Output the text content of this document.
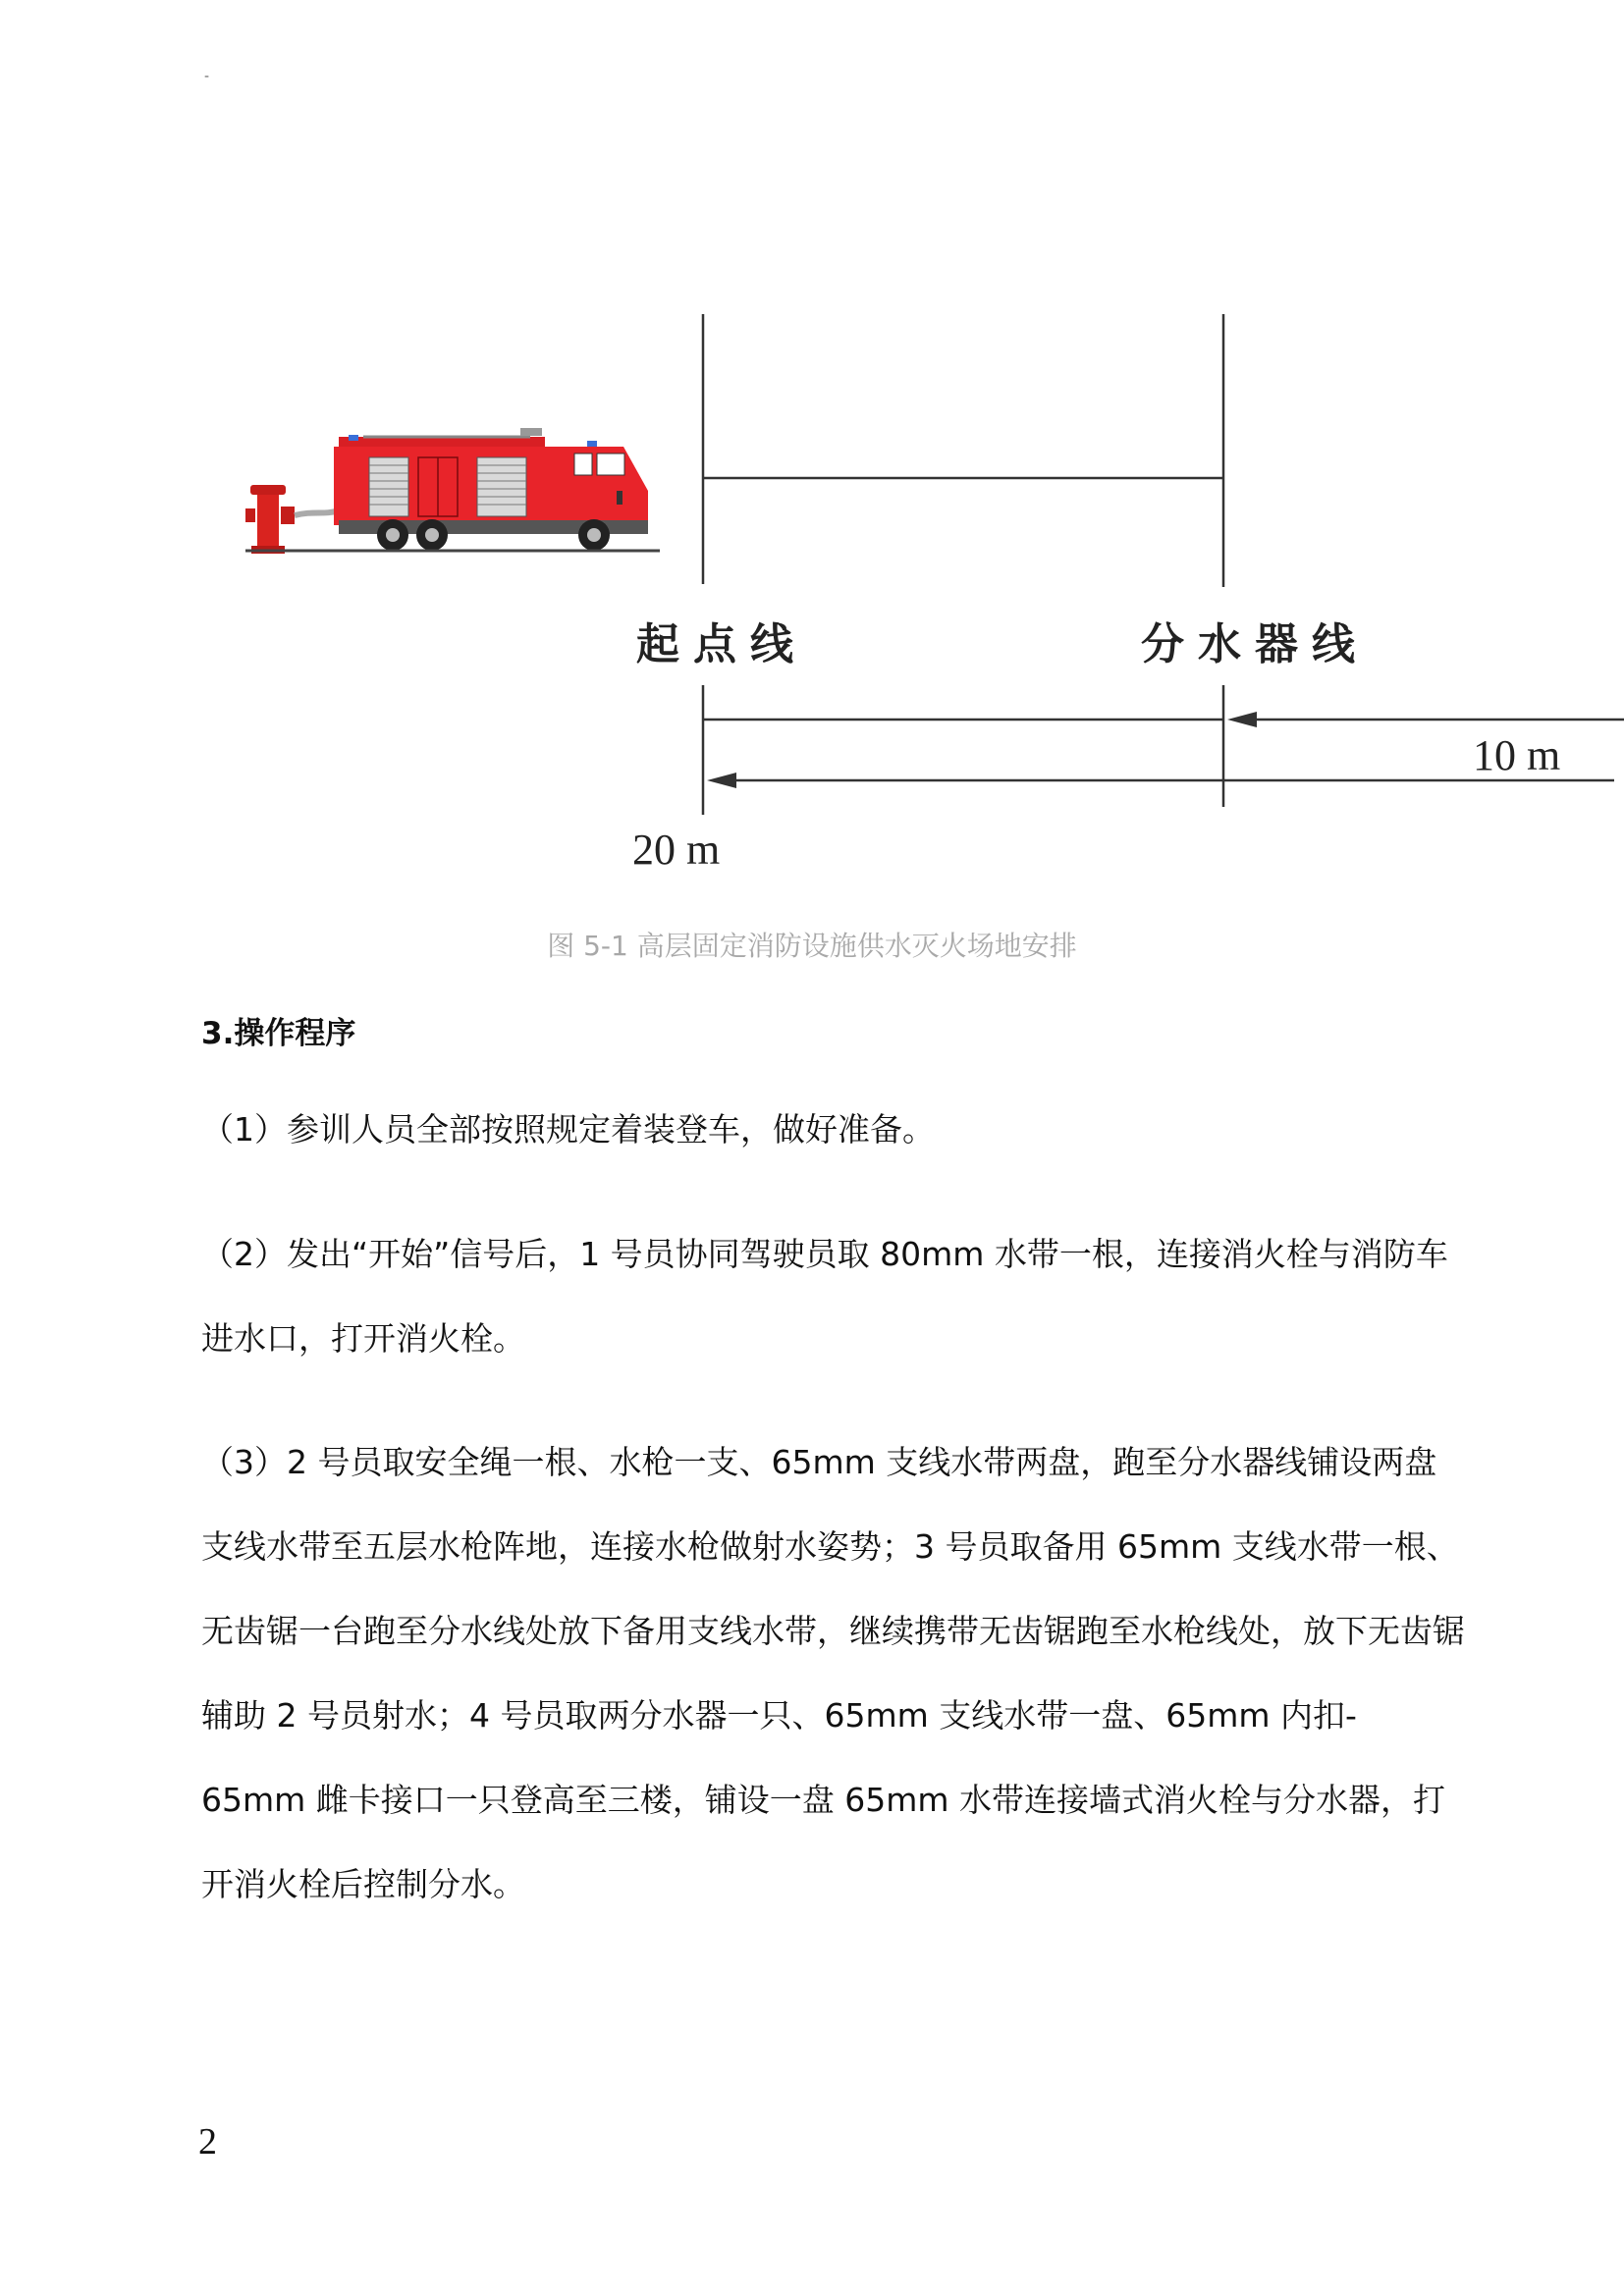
-
起点线	分水器线
10 m
20 m
图 5-1 高层固定消防设施供水灭火场地安排
3.操作程序

（1）参训人员全部按照规定着装登车，做好准备。

（2）发出“开始”信号后，1 号员协同驾驶员取 80mm 水带一根，连接消火栓与消防车进水口，打开消火栓。

（3）2 号员取安全绳一根、水枪一支、65mm 支线水带两盘，跑至分水器线铺设两盘支线水带至五层水枪阵地，连接水枪做射水姿势；3 号员取备用 65mm 支线水带一根、无齿锯一台跑至分水线处放下备用支线水带，继续携带无齿锯跑至水枪线处，放下无齿锯辅助 2 号员射水；4 号员取两分水器一只、65mm 支线水带一盘、65mm 内扣- 65mm 雌卡接口一只登高至三楼，铺设一盘 65mm 水带连接墙式消火栓与分水器，打开消火栓后控制分水。

2
